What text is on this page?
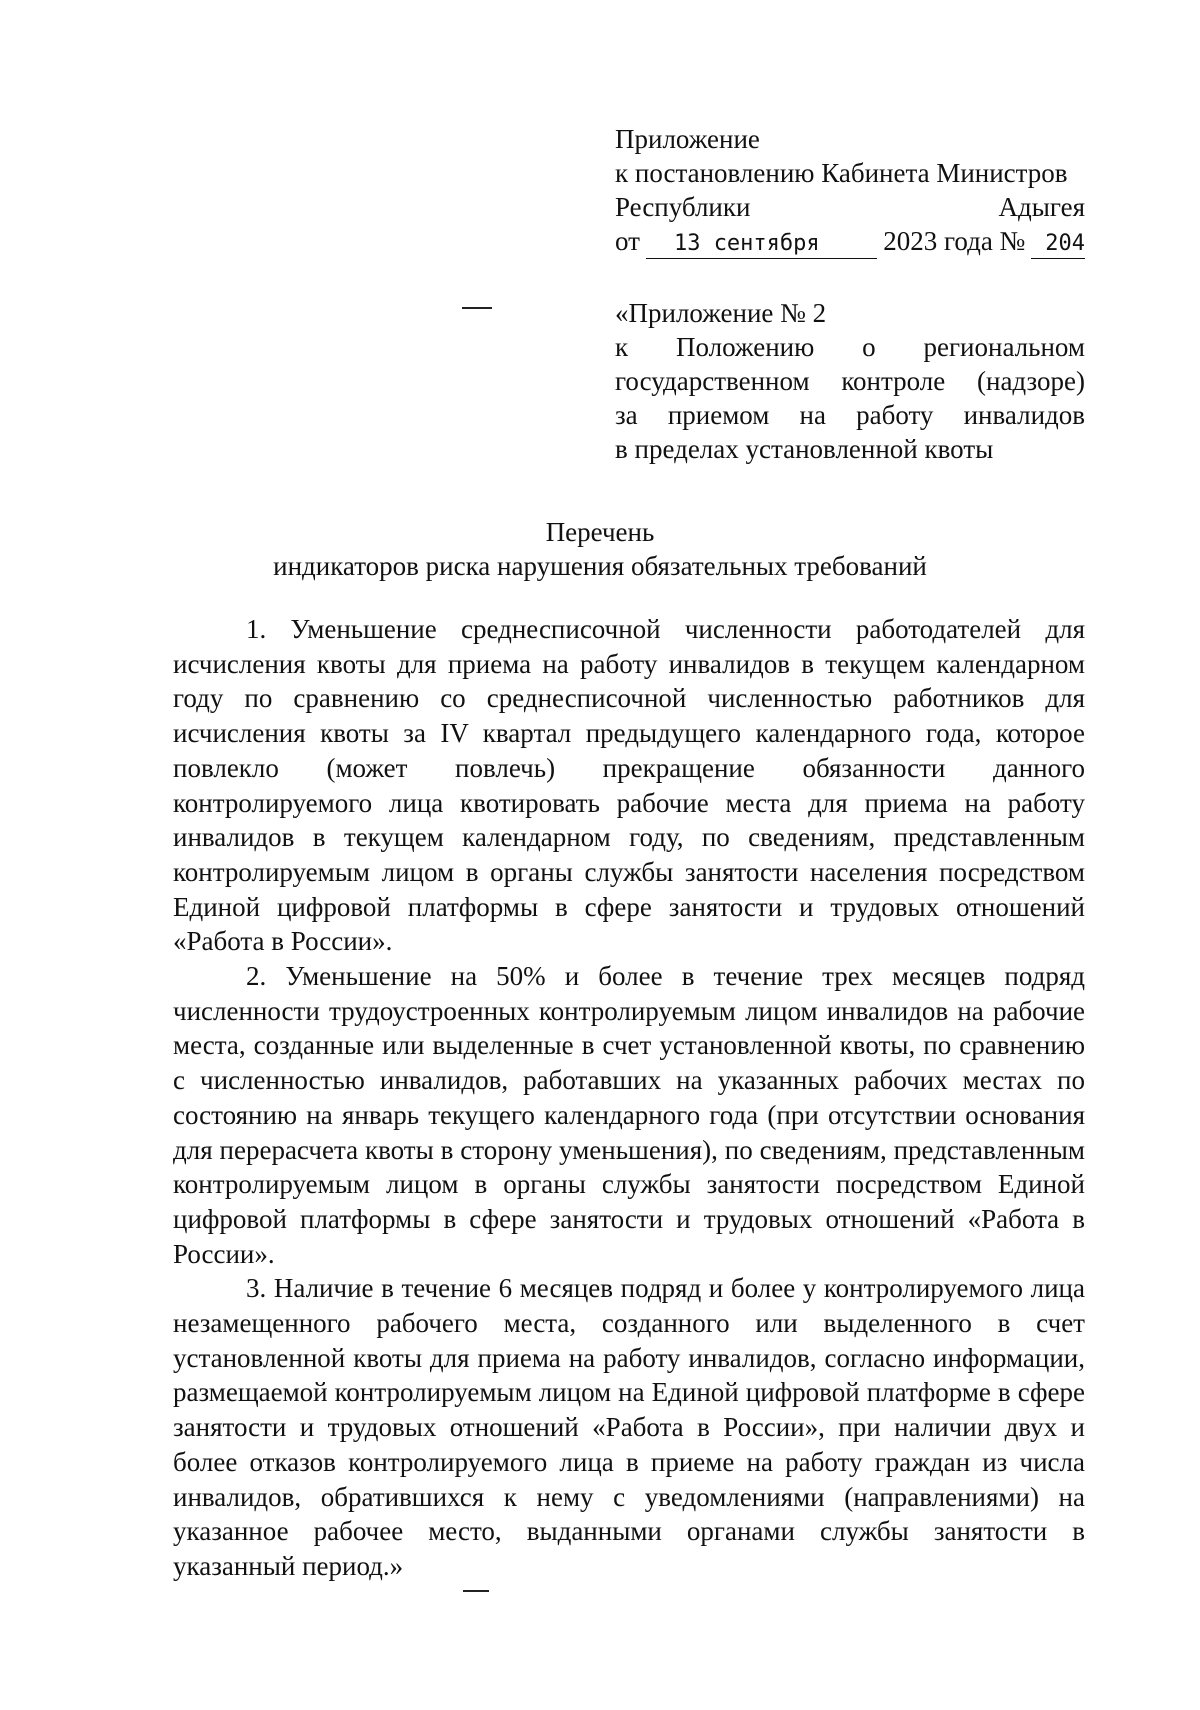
Приложение
к постановлению Кабинета Министров
Республики	Адыгея
от	13 сентября	2023 года № 204
«Приложение № 2
к Положению о региональном
государственном контроле (надзоре)
за приемом на работу инвалидов
в пределах установленной квоты
Перечень
индикаторов риска нарушения обязательных требований

1. Уменьшение среднесписочной численности работодателей для исчисления квоты для приема на работу инвалидов в текущем календарном году по сравнению со среднесписочной численностью работников для исчисления квоты за IV квартал предыдущего календарного года, которое повлекло (может повлечь) прекращение обязанности данного контролируемого лица квотировать рабочие места для приема на работу инвалидов в текущем календарном году, по сведениям, представленным контролируемым лицом в органы службы занятости населения посредством Единой цифровой платформы в сфере занятости и трудовых отношений «Работа в России».

2. Уменьшение на 50% и более в течение трех месяцев подряд численности трудоустроенных контролируемым лицом инвалидов на рабочие места, созданные или выделенные в счет установленной квоты, по сравнению с численностью инвалидов, работавших на указанных рабочих местах по состоянию на январь текущего календарного года (при отсутствии основания для перерасчета квоты в сторону уменьшения), по сведениям, представленным контролируемым лицом в органы службы занятости посредством Единой цифровой платформы в сфере занятости и трудовых отношений «Работа в России».

3. Наличие в течение 6 месяцев подряд и более у контролируемого лица незамещенного рабочего места, созданного или выделенного в счет установленной квоты для приема на работу инвалидов, согласно информации, размещаемой контролируемым лицом на Единой цифровой платформе в сфере занятости и трудовых отношений «Работа в России», при наличии двух и более отказов контролируемого лица в приеме на работу граждан из числа инвалидов, обратившихся к нему с уведомлениями (направлениями) на указанное рабочее место, выданными органами службы занятости в указанный период.»
